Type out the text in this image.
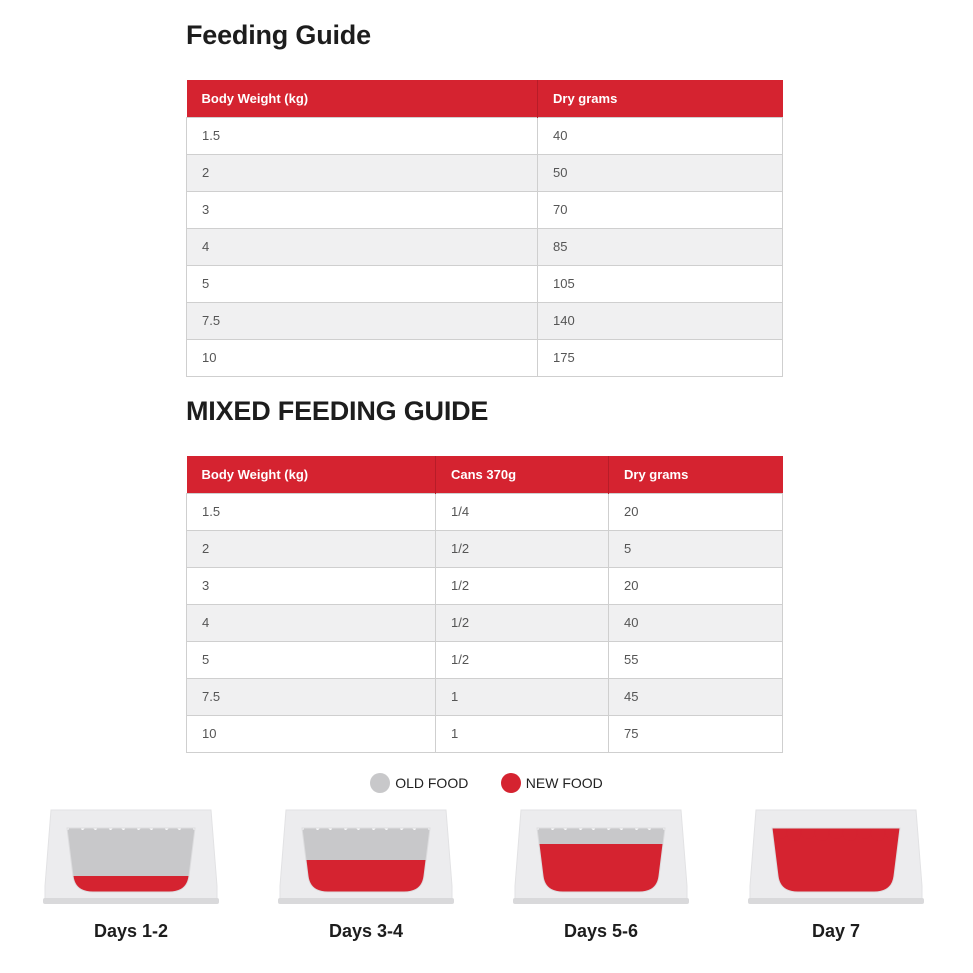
Feeding Guide
Body Weight (kg)	Dry grams
1.5	40
2	50
3	70
4	85
5	105
7.5	140
10	175
MIXED FEEDING GUIDE
Body Weight (kg)	Cans 370g	Dry grams
1.5	1/4	20
2	1/2	5
3	1/2	20
4	1/2	40
5	1/2	55
7.5	1	45
10	1	75
OLD FOOD
	NEW FOOD
Days 1-2	Days 3-4	Days 5-6	Day 7
